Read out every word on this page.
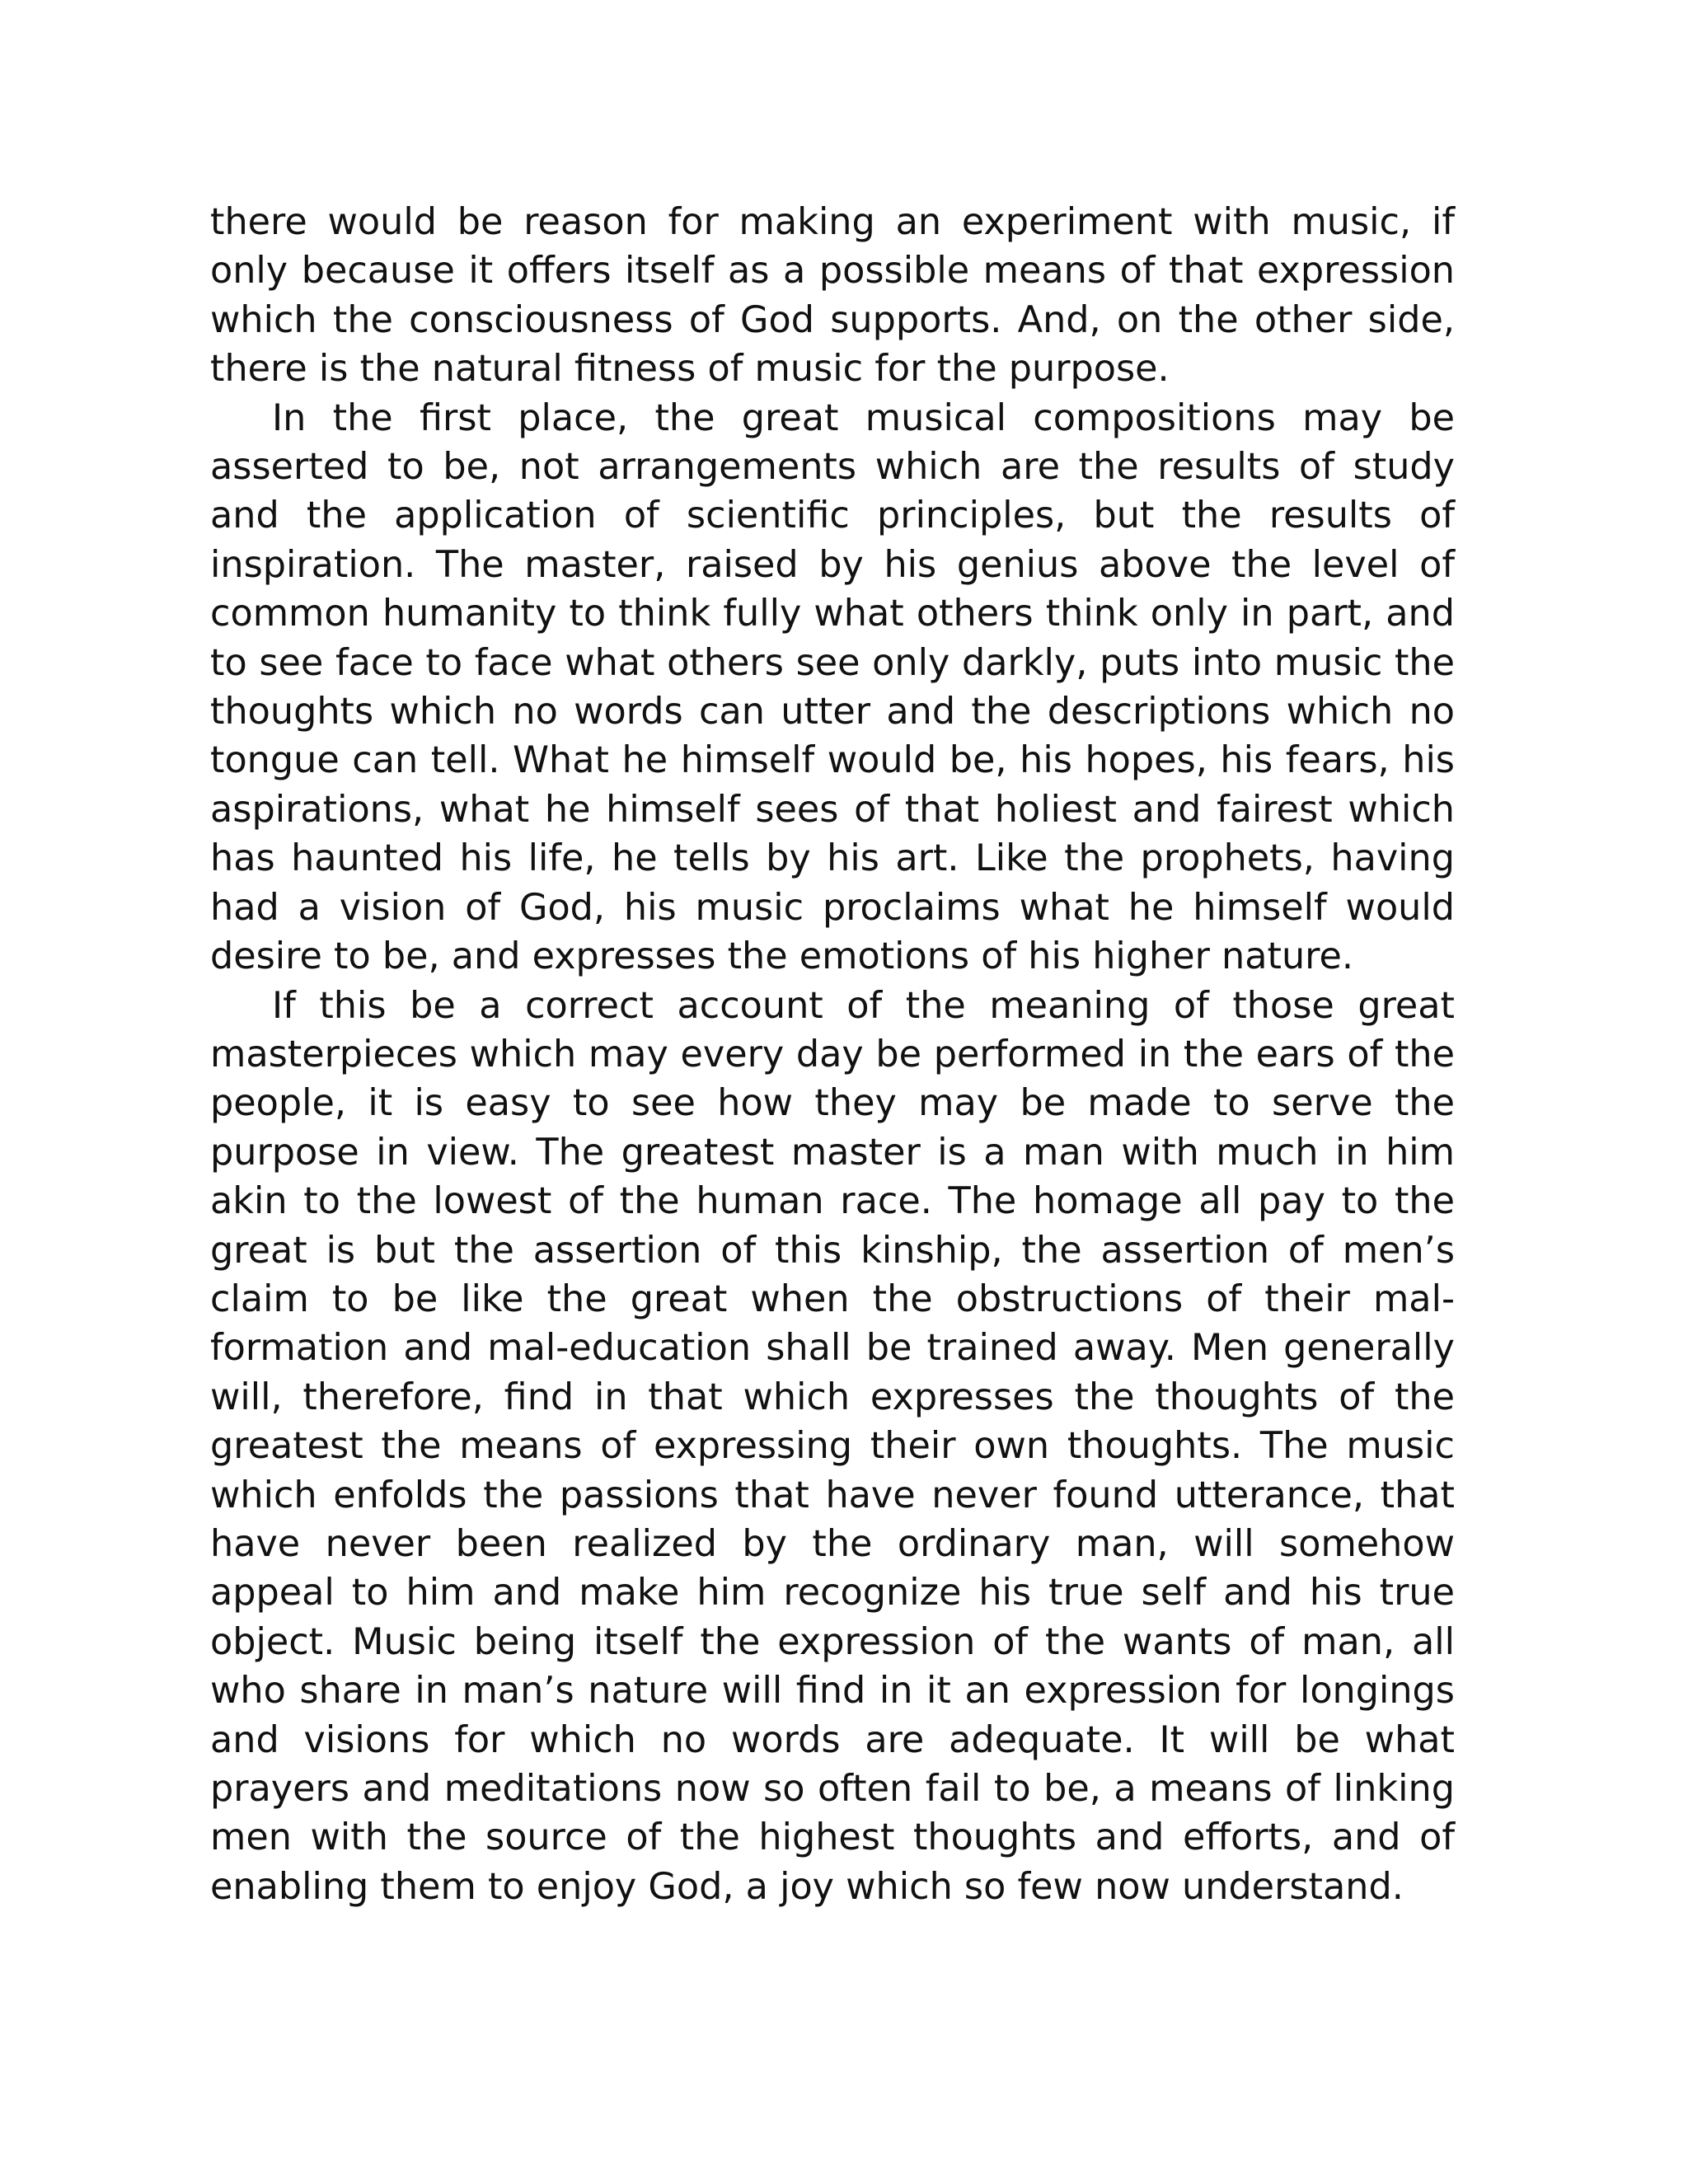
there would be reason for making an experiment with music, if only because it offers itself as a possible means of that expression which the consciousness of God supports. And, on the other side, there is the natural fitness of music for the purpose.

In the first place, the great musical compositions may be asserted to be, not arrangements which are the results of study and the application of scientific principles, but the results of inspiration. The master, raised by his genius above the level of common humanity to think fully what others think only in part, and to see face to face what others see only darkly, puts into music the thoughts which no words can utter and the descriptions which no tongue can tell. What he himself would be, his hopes, his fears, his aspirations, what he himself sees of that holiest and fairest which has haunted his life, he tells by his art. Like the prophets, having had a vision of God, his music proclaims what he himself would desire to be, and expresses the emotions of his higher nature.

If this be a correct account of the meaning of those great masterpieces which may every day be performed in the ears of the people, it is easy to see how they may be made to serve the purpose in view. The greatest master is a man with much in him akin to the lowest of the human race. The homage all pay to the great is but the assertion of this kinship, the assertion of men’s claim to be like the great when the obstructions of their mal-formation and mal-education shall be trained away. Men generally will, therefore, find in that which expresses the thoughts of the greatest the means of expressing their own thoughts. The music which enfolds the passions that have never found utterance, that have never been realized by the ordinary man, will somehow appeal to him and make him recognize his true self and his true object. Music being itself the expression of the wants of man, all who share in man’s nature will find in it an expression for longings and visions for which no words are adequate. It will be what prayers and meditations now so often fail to be, a means of linking men with the source of the highest thoughts and efforts, and of enabling them to enjoy God, a joy which so few now understand.
